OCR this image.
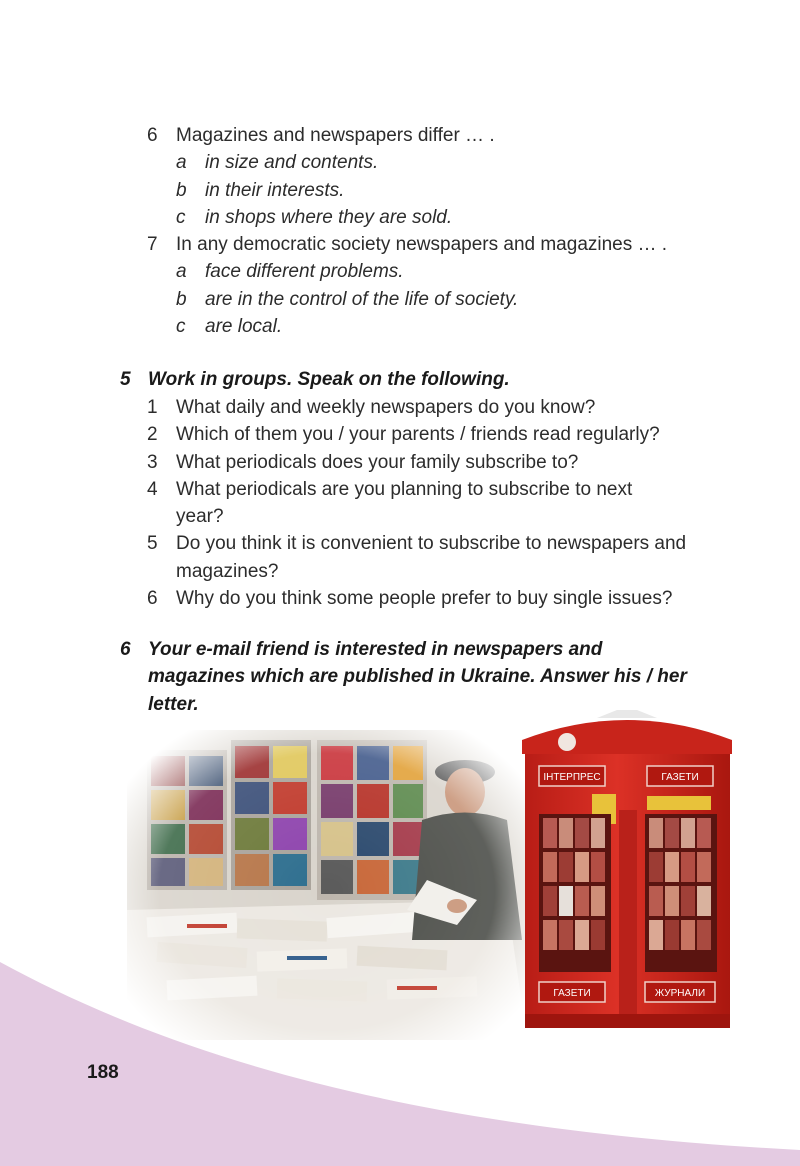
6 Magazines and newspapers differ … .
a in size and contents.
b in their interests.
c in shops where they are sold.
7 In any democratic society newspapers and magazines … .
a face different problems.
b are in the control of the life of society.
c are local.
5 Work in groups. Speak on the following.
1 What daily and weekly newspapers do you know?
2 Which of them you / your parents / friends read regularly?
3 What periodicals does your family subscribe to?
4 What periodicals are you planning to subscribe to next
year?
5 Do you think it is convenient to subscribe to newspapers and
magazines?
6 Why do you think some people prefer to buy single issues?
6 Your e-mail friend is interested in newspapers and
magazines which are published in Ukraine. Answer his / her
letter.
ІНТЕРПРЕС	ГАЗЕТИ
ГАЗЕТИ	ЖУРНАЛИ
188
